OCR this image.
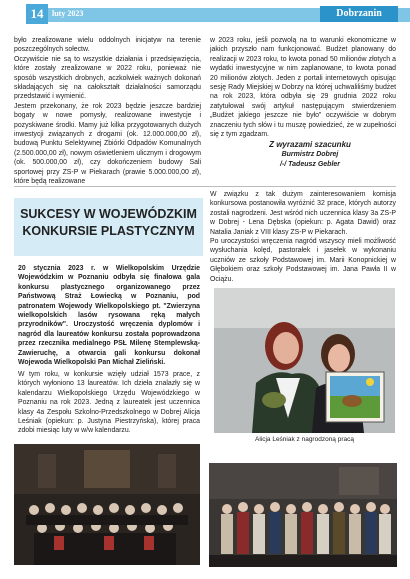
14	luty 2023	Dobrzanin

było zrealizowane wielu oddolnych inicjatyw na terenie poszczególnych sołectw.

Oczywiście nie są to wszystkie działania i przedsięwzięcia, które zostały zrealizowane w 2022 roku, ponieważ nie sposób wszystkich drobnych, aczkolwiek ważnych dokonań składających się na całokształt działalności samorządu przedstawić i wymienić.

Jestem przekonany, że rok 2023 będzie jeszcze bardziej bogaty w nowe pomysły, realizowane inwestycje i pozyskiwane środki. Mamy już kilka przygotowanych dużych inwestycji związanych z drogami (ok. 12.000.000,00 zł), budową Punktu Selektywnej Zbiórki Odpadów Komunalnych (2.500.000,00 zł), nowym oświetleniem ulicznym i drogowym (ok. 500.000,00 zł), czy dokończeniem budowy Sali sportowej przy ZS-P w Piekarach (prawie 5.000.000,00 zł), które będą realizowane

w 2023 roku, jeśli pozwolą na to warunki ekonomiczne w jakich przyszło nam funkcjonować. Budżet planowany do realizacji w 2023 roku, to kwota ponad 50 milionów złotych a wydatki inwestycyjne w nim zaplanowane, to kwota ponad 20 milionów złotych. Jeden z portali internetowych opisując sesję Rady Miejskiej w Dobrzy na której uchwaliliśmy budżet na rok 2023, która odbyła się 29 grudnia 2022 roku zatytułował swój artykuł następującym stwierdzeniem „Budżet jakiego jeszcze nie było” oczywiście w dobrym znaczeniu tych słów i tu muszę powiedzieć, że w zupełności się z tym zgadzam.

Z wyrazami szacunku
Burmistrz Dobrej
/-/ Tadeusz Gebler
SUKCESY W WOJEWÓDZKIM
KONKURSIE PLASTYCZNYM
20 stycznia 2023 r. w Wielkopolskim Urzędzie Wojewódzkim w Poznaniu odbyła się finałowa gala konkursu plastycznego organizowanego przez Państwową Straż Łowiecką w Poznaniu, pod patronatem Wojewody Wielkopolskiego pt. "Zwierzyna wielkopolskich lasów rysowana ręką małych przyrodników". Uroczystość wręczenia dyplomów i nagród dla laureatów konkursu została poprowadzona przez rzecznika medialnego PSŁ Milenę Stemplewską-Zawieruchę, a otwarcia gali konkursu dokonał Wojewoda Wielkopolski Pan Michał Zieliński.
W tym roku, w konkursie wzięły udział 1573 prace, z których wyłoniono 13 laureatów. Ich dzieła znalazły się w kalendarzu Wielkopolskiego Urzędu Wojewódzkiego w Poznaniu na rok 2023. Jedną z laureatek jest uczennica klasy 4a Zespołu Szkolno-Przedszkolnego w Dobrej Alicja Leśniak (opiekun: p. Justyna Piestrzyńska), której praca zdobi miesiąc luty w w/w kalendarzu.
W związku z tak dużym zainteresowaniem komisja konkursowa postanowiła wyróżnić 32 prace, których autorzy zostali nagrodzeni. Jest wśród nich uczennica klasy 3a ZS-P w Dobrej - Lena Dębska (opiekun: p. Agata Dawid) oraz Natalia Janiak z VIII klasy ZS-P w Piekarach.
Po uroczystości wręczenia nagród wszyscy mieli możliwość wysłuchania kolęd, pastorałek i jasełek w wykonaniu uczniów ze szkoły Podstawowej im. Marii Konopnickiej w Głębokiem oraz szkoły Podstawowej im. Jana Pawła II w Ociążu.
Alicja Leśniak z nagrodzoną pracą
